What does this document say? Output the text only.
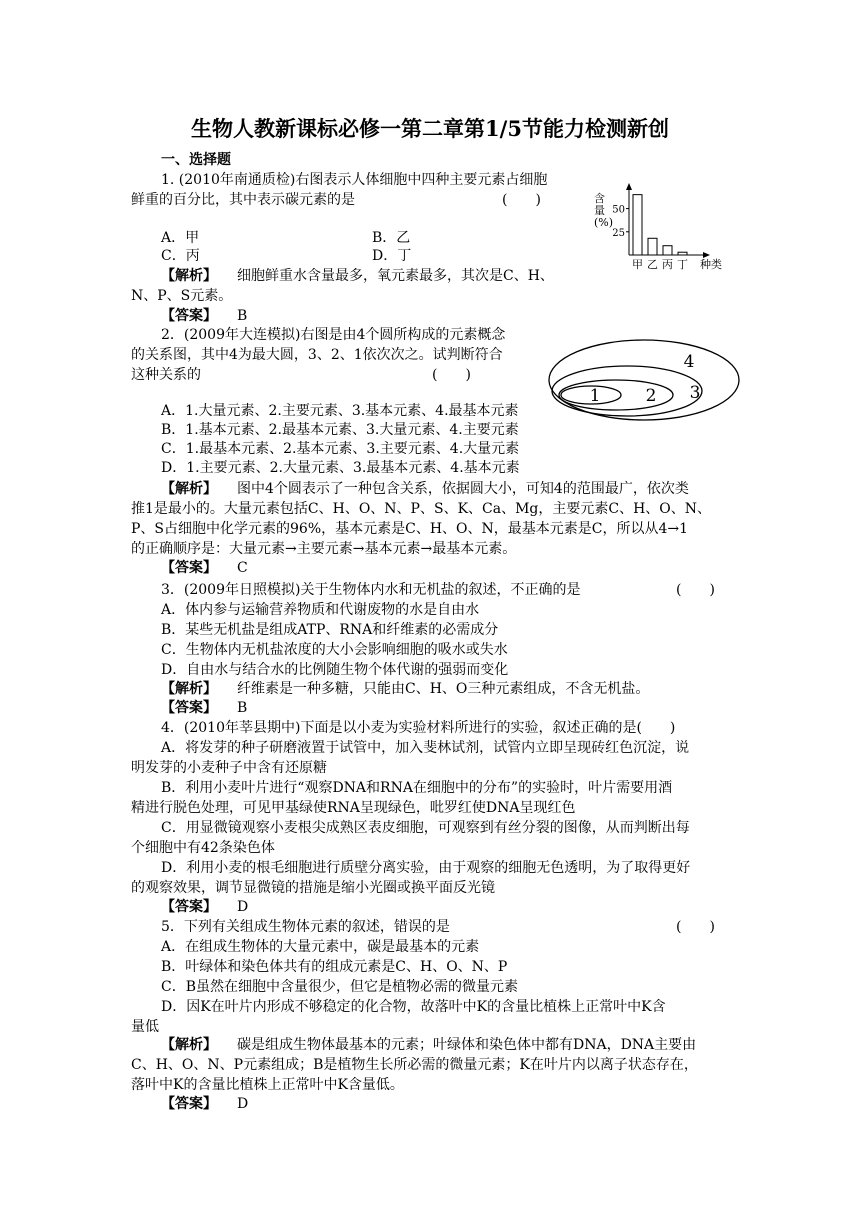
生物人教新课标必修一第二章第1/5节能力检测新创
一、选择题
1. (2010年南通质检)右图表示人体细胞中四种主要元素占细胞
鲜重的百分比，其中表示碳元素的是	(　　)
A．甲	B．乙
C．丙	D．丁
【解析】 细胞鲜重水含量最多，氧元素最多，其次是C、H、
N、P、S元素。
【答案】 B
含 量 (%)
50
25
甲 乙 丙 丁 种类
2．(2009年大连模拟)右图是由4个圆所构成的元素概念
的关系图，其中4为最大圆，3、2、1依次次之。试判断符合
这种关系的	(　　)
A．1.大量元素、2.主要元素、3.基本元素、4.最基本元素
B．1.基本元素、2.最基本元素、3.大量元素、4.主要元素
C．1.最基本元素、2.基本元素、3.主要元素、4.大量元素
D．1.主要元素、2.大量元素、3.最基本元素、4.基本元素
【解析】 图中4个圆表示了一种包含关系，依据圆大小，可知4的范围最广，依次类
推1是最小的。大量元素包括C、H、O、N、P、S、K、Ca、Mg，主要元素C、H、O、N、
P、S占细胞中化学元素的96%，基本元素是C、H、O、N，最基本元素是C，所以从4→1
的正确顺序是：大量元素→主要元素→基本元素→最基本元素。
【答案】 C
1	2 3
4
3．(2009年日照模拟)关于生物体内水和无机盐的叙述，不正确的是	(　　)
A．体内参与运输营养物质和代谢废物的水是自由水
B．某些无机盐是组成ATP、RNA和纤维素的必需成分
C．生物体内无机盐浓度的大小会影响细胞的吸水或失水
D．自由水与结合水的比例随生物个体代谢的强弱而变化
【解析】 纤维素是一种多糖，只能由C、H、O三种元素组成，不含无机盐。
【答案】 B
4．(2010年莘县期中)下面是以小麦为实验材料所进行的实验，叙述正确的是(　　)
A．将发芽的种子研磨液置于试管中，加入斐林试剂，试管内立即呈现砖红色沉淀，说
明发芽的小麦种子中含有还原糖
B．利用小麦叶片进行“观察DNA和RNA在细胞中的分布”的实验时，叶片需要用酒
精进行脱色处理，可见甲基绿使RNA呈现绿色，吡罗红使DNA呈现红色
C．用显微镜观察小麦根尖成熟区表皮细胞，可观察到有丝分裂的图像，从而判断出每
个细胞中有42条染色体
D．利用小麦的根毛细胞进行质壁分离实验，由于观察的细胞无色透明，为了取得更好
的观察效果，调节显微镜的措施是缩小光圈或换平面反光镜
【答案】 D
5．下列有关组成生物体元素的叙述，错误的是	(　　)
A．在组成生物体的大量元素中，碳是最基本的元素
B．叶绿体和染色体共有的组成元素是C、H、O、N、P
C．B虽然在细胞中含量很少，但它是植物必需的微量元素
D．因K在叶片内形成不够稳定的化合物，故落叶中K的含量比植株上正常叶中K含
量低
【解析】 碳是组成生物体最基本的元素；叶绿体和染色体中都有DNA，DNA主要由
C、H、O、N、P元素组成；B是植物生长所必需的微量元素；K在叶片内以离子状态存在，
落叶中K的含量比植株上正常叶中K含量低。
【答案】 D
